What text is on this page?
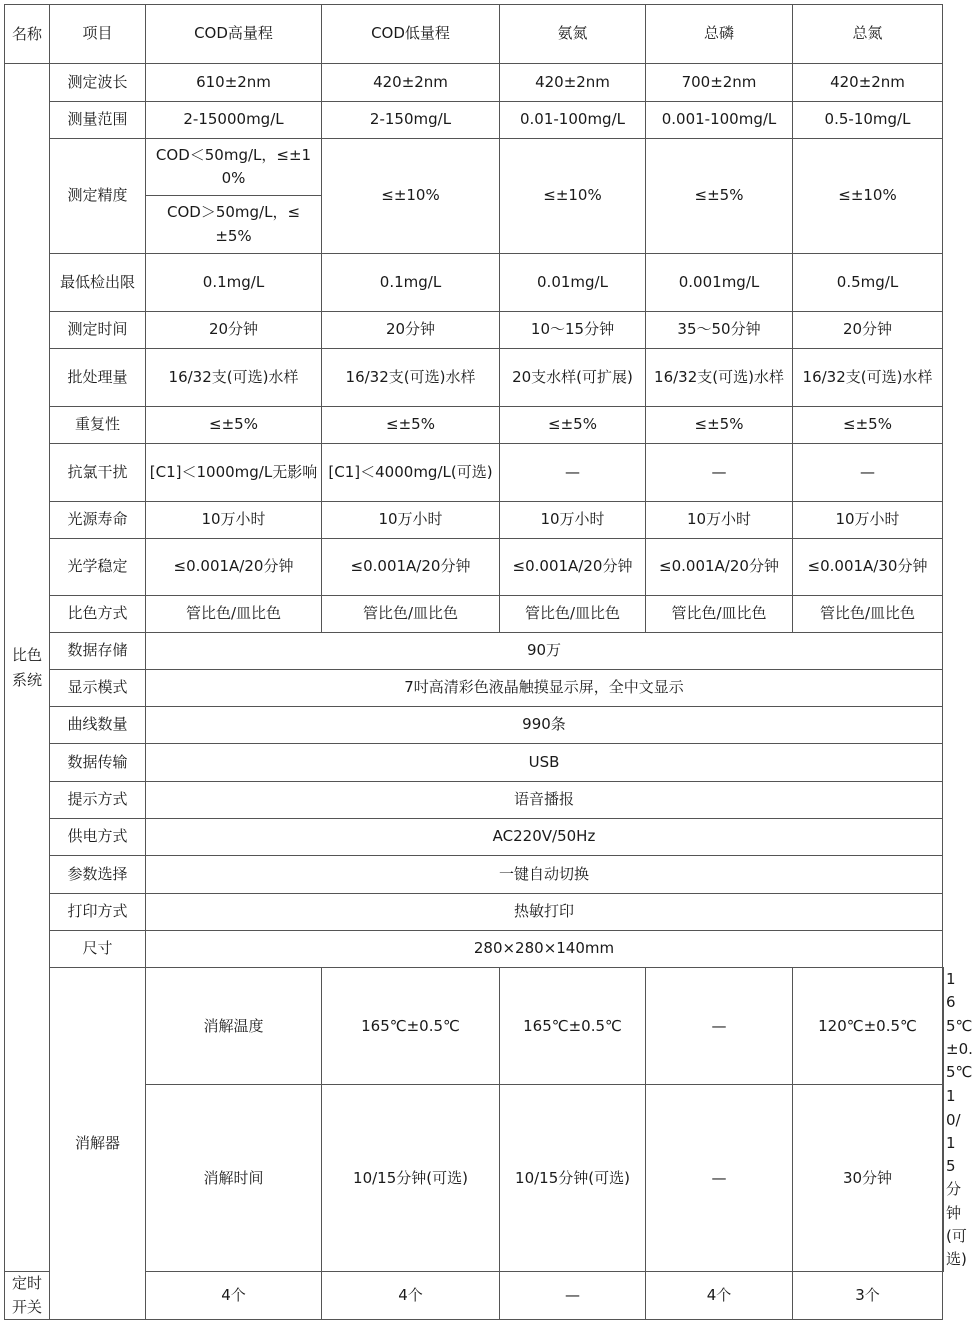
名称	项目	COD高量程	COD低量程	氨氮	总磷	总氮	
比色系统	测定波长	610±2nm	420±2nm	420±2nm	700±2nm	420±2nm	
	测量范围	2-15000mg/L	2-150mg/L	0.01-100mg/L	0.001-100mg/L	0.5-10mg/L	
	测定精度	COD＜50mg/L，≤±10%	≤±10%	≤±10%	≤±5%	≤±10%	
		COD＞50mg/L，≤±5%					
	最低检出限	0.1mg/L	0.1mg/L	0.01mg/L	0.001mg/L	0.5mg/L	
	测定时间	20分钟	20分钟	10～15分钟	35～50分钟	20分钟	
	批处理量	16/32支(可选)水样	16/32支(可选)水样	20支水样(可扩展)	16/32支(可选)水样	16/32支(可选)水样	
	重复性	≤±5%	≤±5%	≤±5%	≤±5%	≤±5%	
	抗氯干扰	[C1]＜1000mg/L无影响	[C1]＜4000mg/L(可选)	—	—	—	
	光源寿命	10万小时	10万小时	10万小时	10万小时	10万小时	
	光学稳定	≤0.001A/20分钟	≤0.001A/20分钟	≤0.001A/20分钟	≤0.001A/20分钟	≤0.001A/30分钟	
	比色方式	管比色/皿比色	管比色/皿比色	管比色/皿比色	管比色/皿比色	管比色/皿比色	
	数据存储	90万					
	显示模式	7吋高清彩色液晶触摸显示屏，全中文显示					
	曲线数量	990条					
	数据传输	USB					
	提示方式	语音播报					
	供电方式	AC220V/50Hz					
	参数选择	一键自动切换					
	打印方式	热敏打印					
	尺寸	280×280×140mm					
	消解器	消解温度	165℃±0.5℃	165℃±0.5℃	—	120℃±0.5℃	165℃±0.5℃
		消解时间	10/15分钟(可选)	10/15分钟(可选)	—	30分钟	10/15分钟(可选)
定时开关		4个	4个	—	4个	3个	
